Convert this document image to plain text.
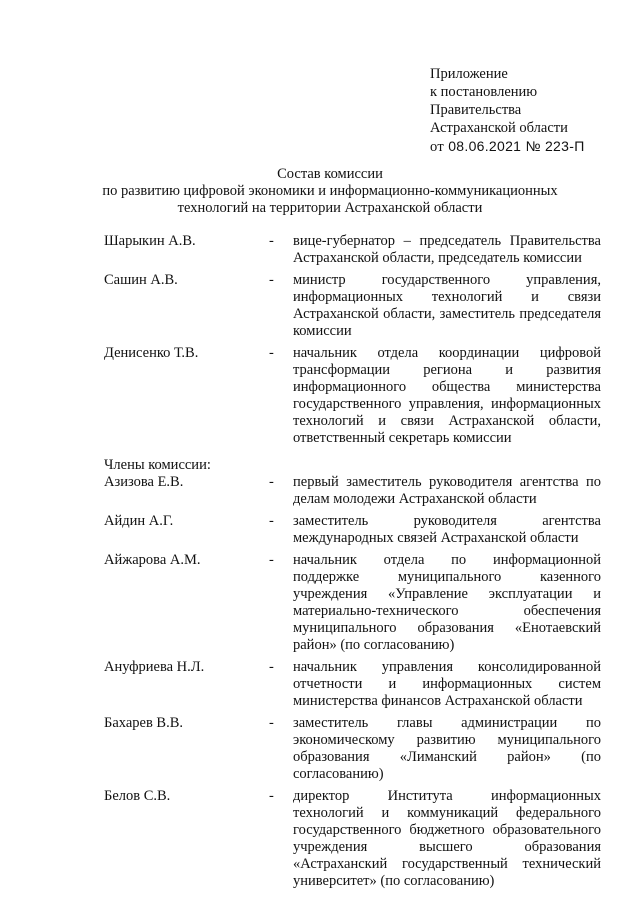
Приложение
к постановлению
Правительства
Астраханской области
от 08.06.2021 № 223-П
Состав комиссии
по развитию цифровой экономики и информационно-коммуникационных
технологий на территории Астраханской области
Шарыкин А.В.	-	вице-губернатор – председатель Правительства Астраханской области, председатель комиссии
Сашин А.В.	-	министр государственного управления, информационных технологий и связи Астраханской области, заместитель председателя комиссии
Денисенко Т.В.	-	начальник отдела координации цифровой трансформации региона и развития информационного общества министерства государственного управления, информационных технологий и связи Астраханской области, ответственный секретарь комиссии
Члены комиссии:
Азизова Е.В.	-	первый заместитель руководителя агентства по делам молодежи Астраханской области
Айдин А.Г.	-	заместитель руководителя агентства международных связей Астраханской области
Айжарова А.М.	-	начальник отдела по информационной поддержке муниципального казенного учреждения «Управление эксплуатации и материально-технического обеспечения муниципального образования «Енотаевский район» (по согласованию)
Ануфриева Н.Л.	-	начальник управления консолидированной отчетности и информационных систем министерства финансов Астраханской области
Бахарев В.В.	-	заместитель главы администрации по экономическому развитию муниципального образования «Лиманский район» (по согласованию)
Белов С.В.	-	директор Института информационных технологий и коммуникаций федерального государственного бюджетного образовательного учреждения высшего образования «Астраханский государственный технический университет» (по согласованию)
